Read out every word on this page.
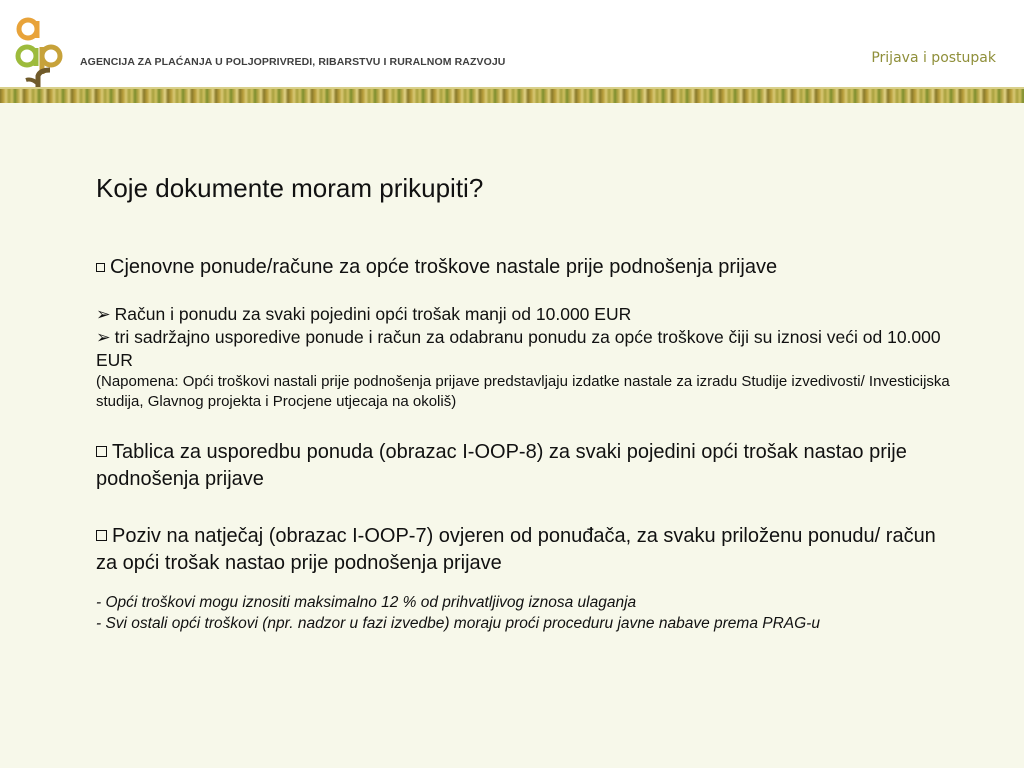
AGENCIJA ZA PLAĆANJA U POLJOPRIVREDI, RIBARSTVU I RURALNOM RAZVOJU	Prijava i postupak
Koje dokumente moram prikupiti?
Cjenovne ponude/račune za opće troškove nastale prije podnošenja prijave
➢ Račun i ponudu za svaki pojedini opći trošak manji od 10.000 EUR
➢ tri sadržajno usporedive ponude i račun za odabranu ponudu za opće troškove čiji su iznosi veći od 10.000 EUR
(Napomena: Opći troškovi nastali prije podnošenja prijave predstavljaju izdatke nastale za izradu Studije izvedivosti/ Investicijska studija, Glavnog projekta i Procjene utjecaja na okoliš)
Tablica za usporedbu ponuda (obrazac I-OOP-8) za svaki pojedini opći trošak nastao prije podnošenja prijave
Poziv na natječaj (obrazac I-OOP-7) ovjeren od ponuđača, za svaku priloženu ponudu/ račun za opći trošak nastao prije podnošenja prijave
- Opći troškovi mogu iznositi maksimalno 12 % od prihvatljivog iznosa ulaganja
- Svi ostali opći troškovi (npr. nadzor u fazi izvedbe) moraju proći proceduru javne nabave prema PRAG-u
